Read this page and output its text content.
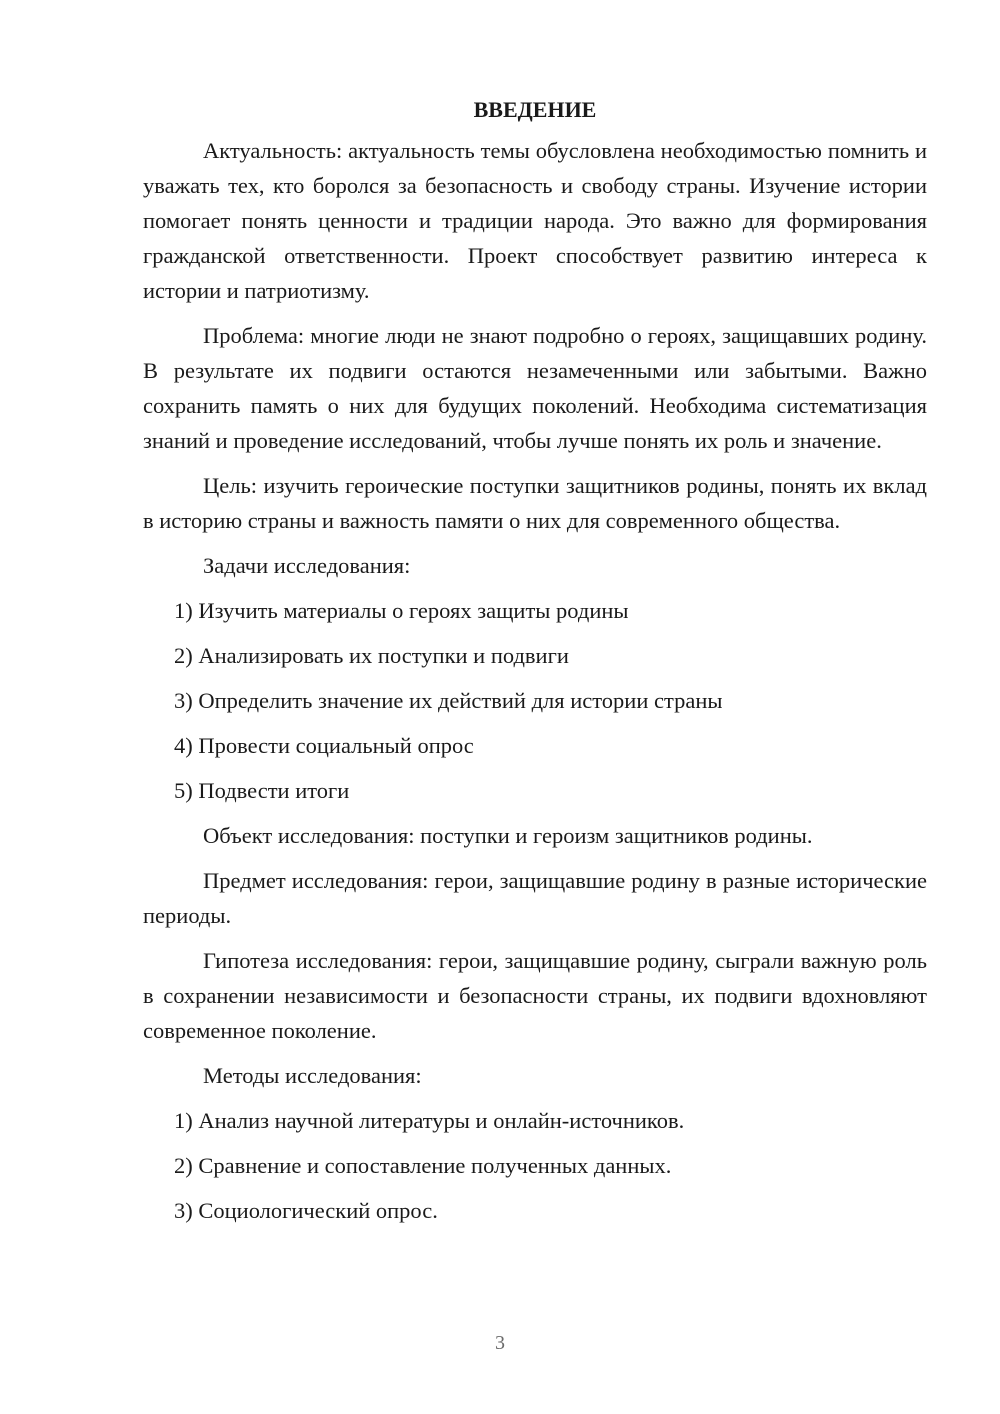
ВВЕДЕНИЕ

Актуальность: актуальность темы обусловлена необходимостью помнить и уважать тех, кто боролся за безопасность и свободу страны. Изучение истории помогает понять ценности и традиции народа. Это важно для формирования гражданской ответственности. Проект способствует развитию интереса к истории и патриотизму.

Проблема: многие люди не знают подробно о героях, защищавших родину. В результате их подвиги остаются незамеченными или забытыми. Важно сохранить память о них для будущих поколений. Необходима систематизация знаний и проведение исследований, чтобы лучше понять их роль и значение.

Цель: изучить героические поступки защитников родины, понять их вклад в историю страны и важность памяти о них для современного общества.

Задачи исследования:

1) Изучить материалы о героях защиты родины
2) Анализировать их поступки и подвиги
3) Определить значение их действий для истории страны
4) Провести социальный опрос
5) Подвести итоги

Объект исследования: поступки и героизм защитников родины.

Предмет исследования: герои, защищавшие родину в разные исторические периоды.

Гипотеза исследования: герои, защищавшие родину, сыграли важную роль в сохранении независимости и безопасности страны, их подвиги вдохновляют современное поколение.

Методы исследования:

1) Анализ научной литературы и онлайн-источников.
2) Сравнение и сопоставление полученных данных.
3) Социологический опрос.
3
